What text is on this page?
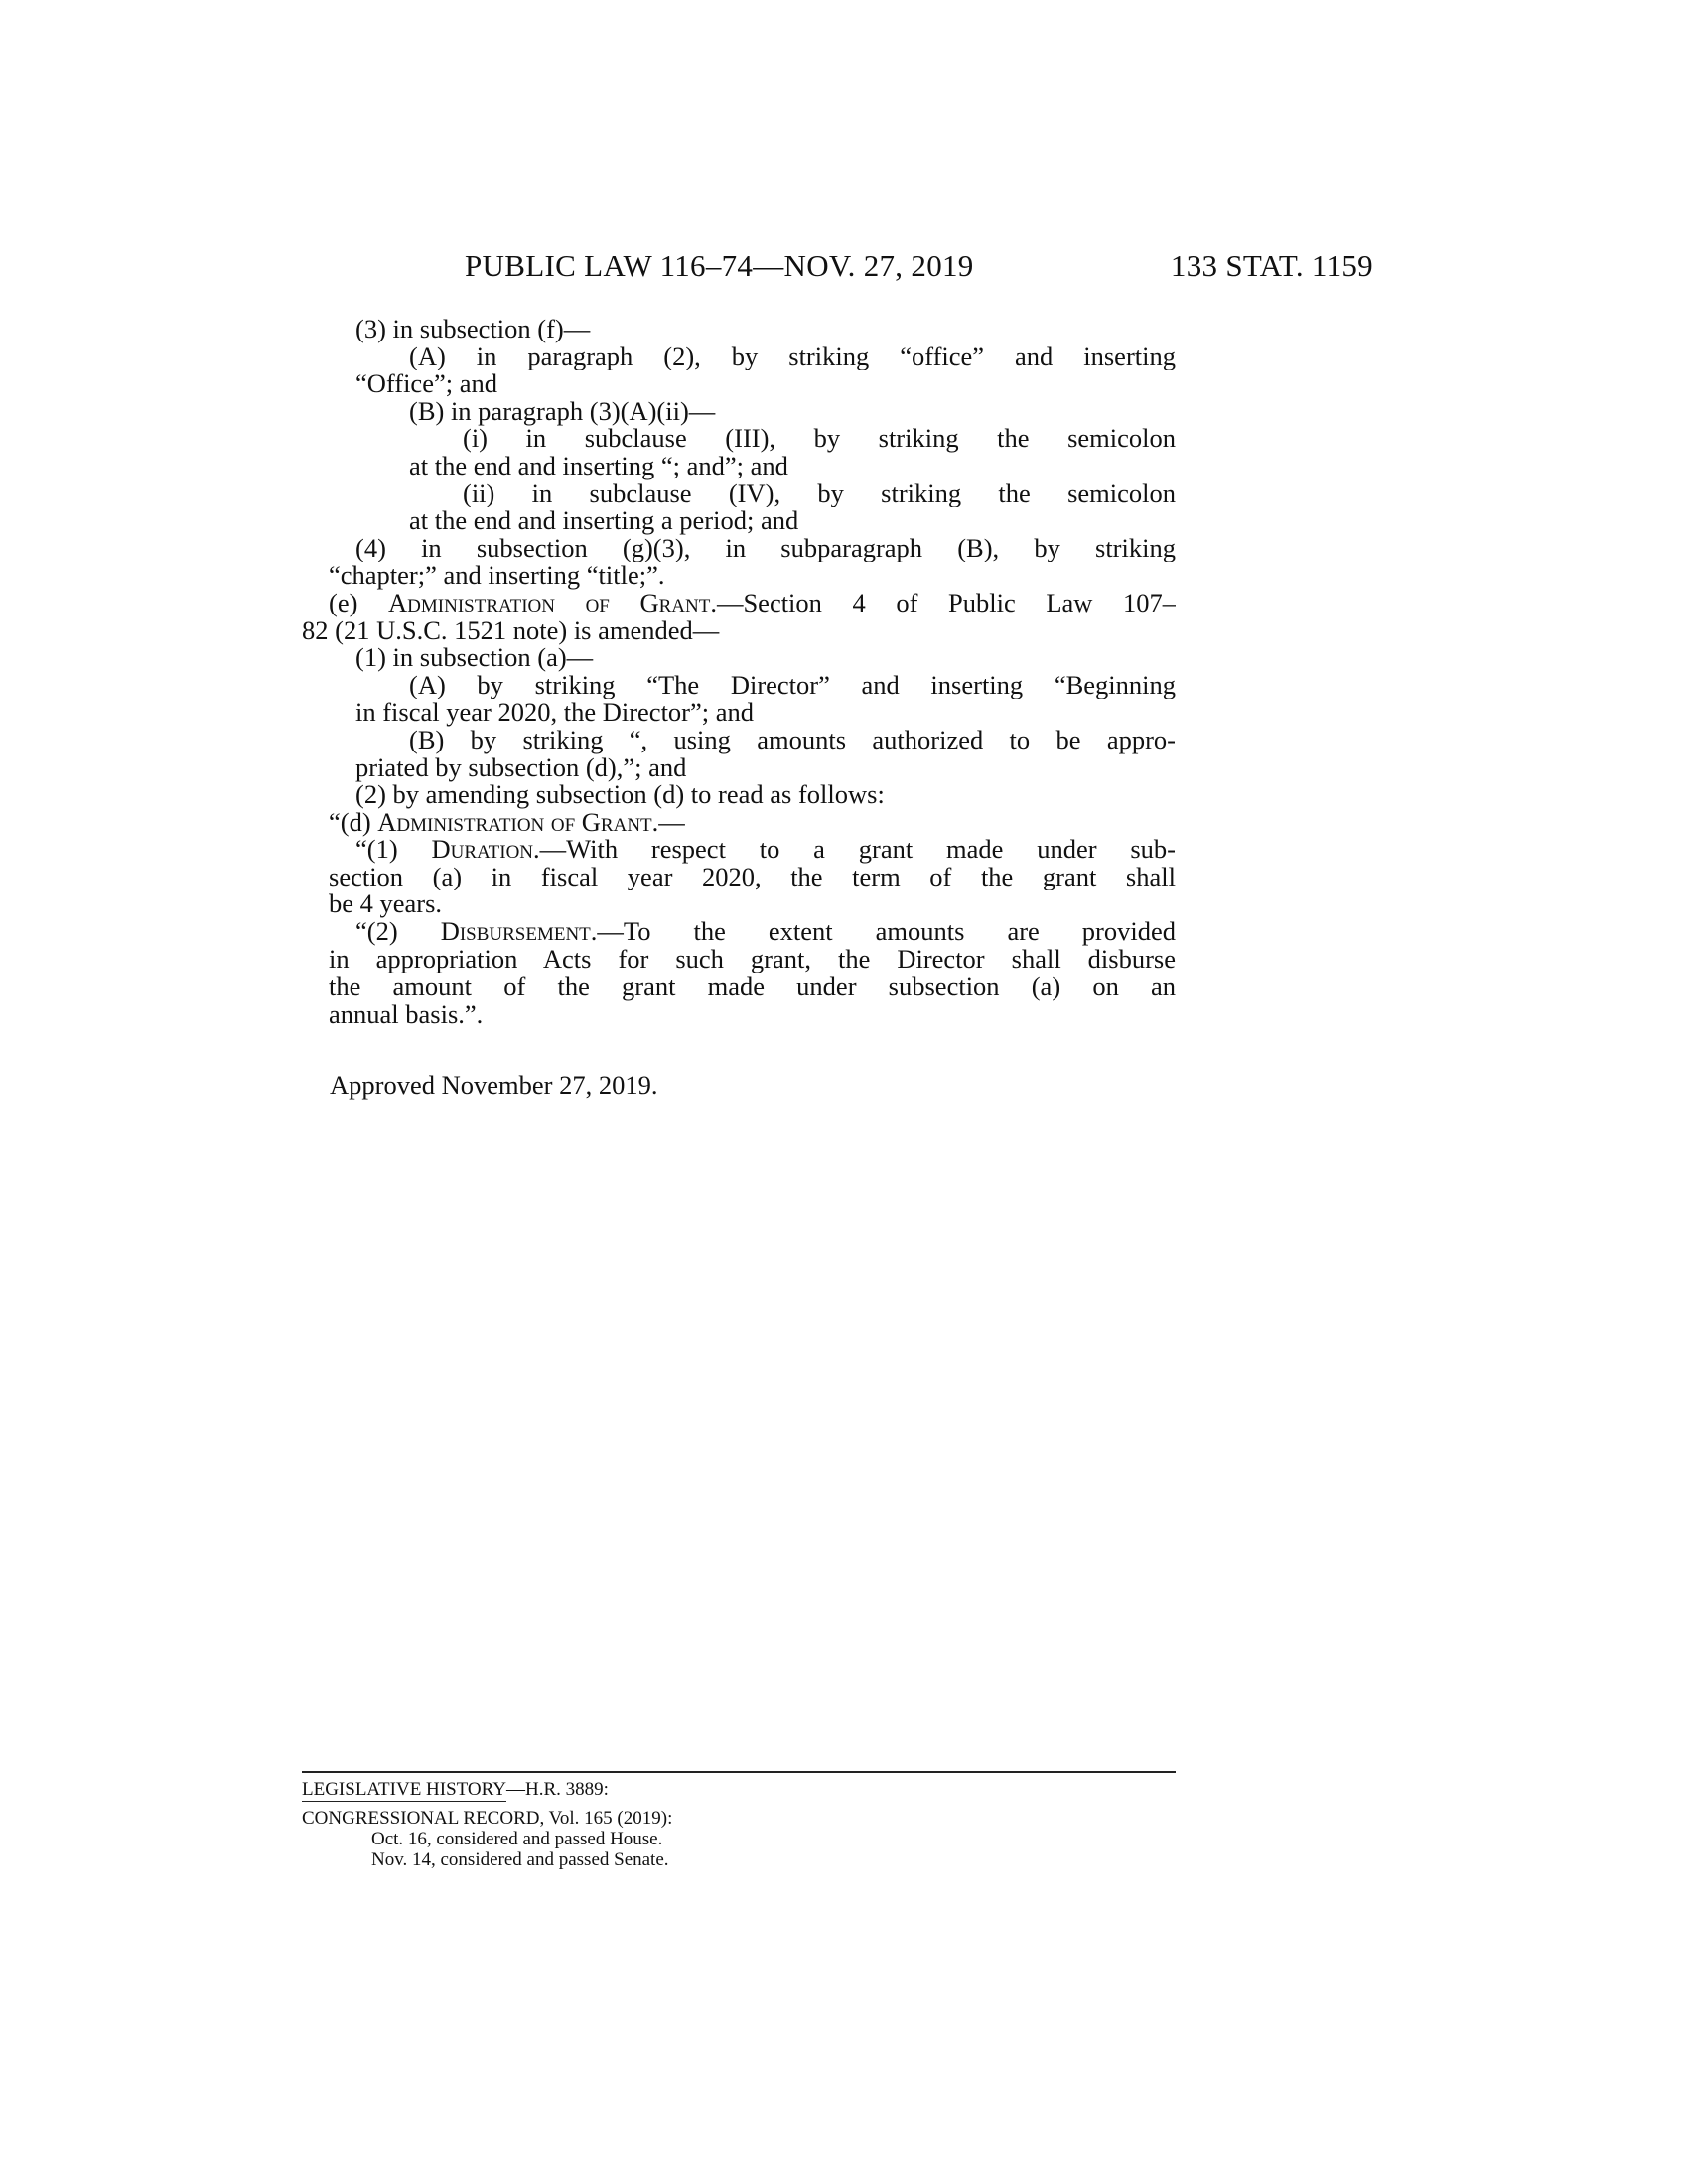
PUBLIC LAW 116–74—NOV. 27, 2019	133 STAT. 1159
(3) in subsection (f)—
(A) in paragraph (2), by striking “office” and inserting
“Office”; and
(B) in paragraph (3)(A)(ii)—
(i) in subclause (III), by striking the semicolon
at the end and inserting “; and”; and
(ii) in subclause (IV), by striking the semicolon
at the end and inserting a period; and
(4) in subsection (g)(3), in subparagraph (B), by striking
“chapter;” and inserting “title;”.
(e) Administration of Grant.—Section 4 of Public Law 107–
82 (21 U.S.C. 1521 note) is amended—
(1) in subsection (a)—
(A) by striking “The Director” and inserting “Beginning
in fiscal year 2020, the Director”; and
(B) by striking “, using amounts authorized to be appro-
priated by subsection (d),”; and
(2) by amending subsection (d) to read as follows:
“(d) Administration of Grant.—
“(1) Duration.—With respect to a grant made under sub-
section (a) in fiscal year 2020, the term of the grant shall
be 4 years.
“(2) Disbursement.—To the extent amounts are provided
in appropriation Acts for such grant, the Director shall disburse
the amount of the grant made under subsection (a) on an
annual basis.”.
Approved November 27, 2019.
LEGISLATIVE HISTORY—H.R. 3889:
CONGRESSIONAL RECORD, Vol. 165 (2019):
Oct. 16, considered and passed House.
Nov. 14, considered and passed Senate.
